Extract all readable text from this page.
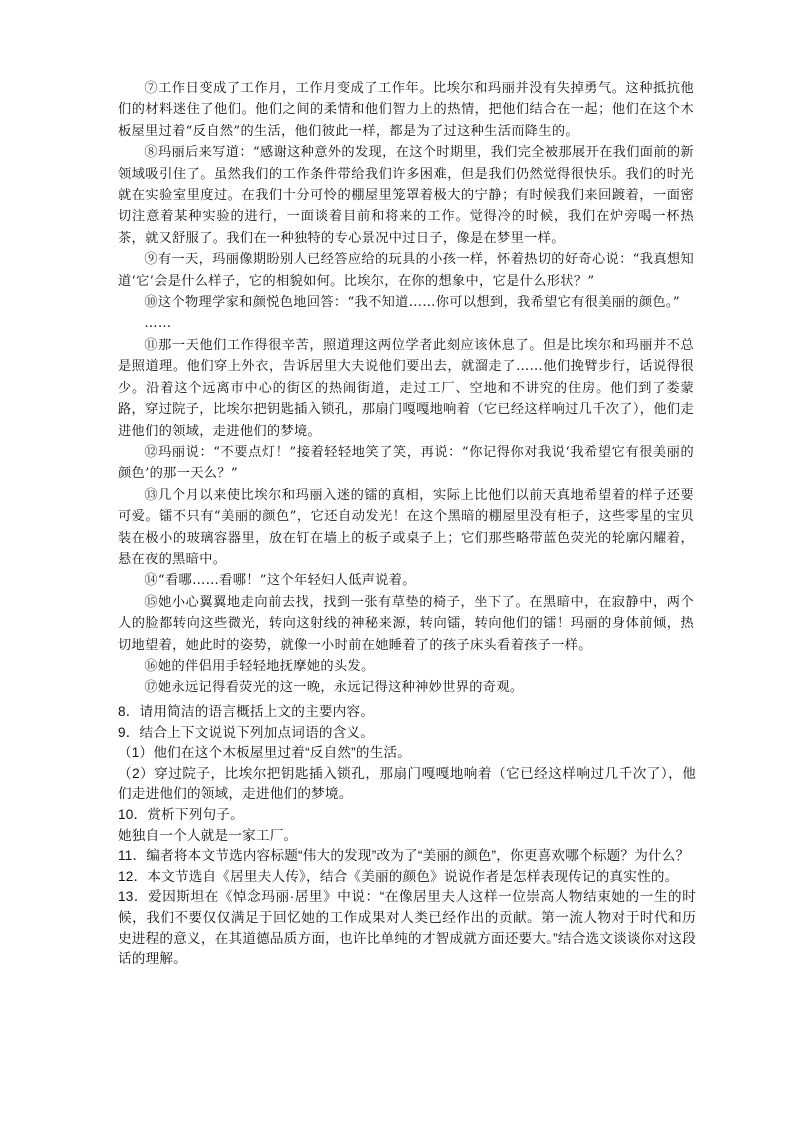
⑦工作日变成了工作月，工作月变成了工作年。比埃尔和玛丽并没有失掉勇气。这种抵抗他们的材料迷住了他们。他们之间的柔情和他们智力上的热情，把他们结合在一起；他们在这个木板屋里过着“反自然”的生活，他们彼此一样，都是为了过这种生活而降生的。

⑧玛丽后来写道：“感谢这种意外的发现，在这个时期里，我们完全被那展开在我们面前的新领域吸引住了。虽然我们的工作条件带给我们许多困难，但是我们仍然觉得很快乐。我们的时光就在实验室里度过。在我们十分可怜的棚屋里笼罩着极大的宁静；有时候我们来回踱着，一面密切注意着某种实验的进行，一面谈着目前和将来的工作。觉得冷的时候，我们在炉旁喝一杯热茶，就又舒服了。我们在一种独特的专心景况中过日子，像是在梦里一样。

⑨有一天，玛丽像期盼别人已经答应给的玩具的小孩一样，怀着热切的好奇心说：“我真想知道‘它’会是什么样子，它的相貌如何。比埃尔，在你的想象中，它是什么形状？”

⑩这个物理学家和颜悦色地回答：“我不知道……你可以想到，我希望它有很美丽的颜色。”

……

⑪那一天他们工作得很辛苦，照道理这两位学者此刻应该休息了。但是比埃尔和玛丽并不总是照道理。他们穿上外衣，告诉居里大夫说他们要出去，就溜走了……他们挽臂步行，话说得很少。沿着这个远离市中心的街区的热闹街道，走过工厂、空地和不讲究的住房。他们到了娄蒙路，穿过院子，比埃尔把钥匙插入锁孔，那扇门嘎嘎地响着（它已经这样响过几千次了），他们走进他们的领域，走进他们的梦境。

⑫玛丽说：“不要点灯！”接着轻轻地笑了笑，再说：“你记得你对我说‘我希望它有很美丽的颜色’的那一天么？”

⑬几个月以来使比埃尔和玛丽入迷的镭的真相，实际上比他们以前天真地希望着的样子还要可爱。镭不只有“美丽的颜色”，它还自动发光！在这个黑暗的棚屋里没有柜子，这些零星的宝贝装在极小的玻璃容器里，放在钉在墙上的板子或桌子上；它们那些略带蓝色荧光的轮廓闪耀着，悬在夜的黑暗中。

⑭“看哪……看哪！”这个年轻妇人低声说着。

⑮她小心翼翼地走向前去找，找到一张有草垫的椅子，坐下了。在黑暗中，在寂静中，两个人的脸都转向这些微光，转向这射线的神秘来源，转向镭，转向他们的镭！玛丽的身体前倾，热切地望着，她此时的姿势，就像一小时前在她睡着了的孩子床头看着孩子一样。

⑯她的伴侣用手轻轻地抚摩她的头发。

⑰她永远记得看荧光的这一晚，永远记得这种神妙世界的奇观。

8．请用简洁的语言概括上文的主要内容。

9．结合上下文说说下列加点词语的含义。

（1）他们在这个木板屋里过着“反自然”的生活。

（2）穿过院子，比埃尔把钥匙插入锁孔，那扇门嘎嘎地响着（它已经这样响过几千次了），他们走进他们的领域，走进他们的梦境。

10．赏析下列句子。

她独自一个人就是一家工厂。

11．编者将本文节选内容标题“伟大的发现”改为了“美丽的颜色”，你更喜欢哪个标题？为什么？

12．本文节选自《居里夫人传》，结合《美丽的颜色》说说作者是怎样表现传记的真实性的。

13．爱因斯坦在《悼念玛丽·居里》中说：“在像居里夫人这样一位崇高人物结束她的一生的时候，我们不要仅仅满足于回忆她的工作成果对人类已经作出的贡献。第一流人物对于时代和历史进程的意义，在其道德品质方面，也许比单纯的才智成就方面还要大。”结合选文谈谈你对这段话的理解。
